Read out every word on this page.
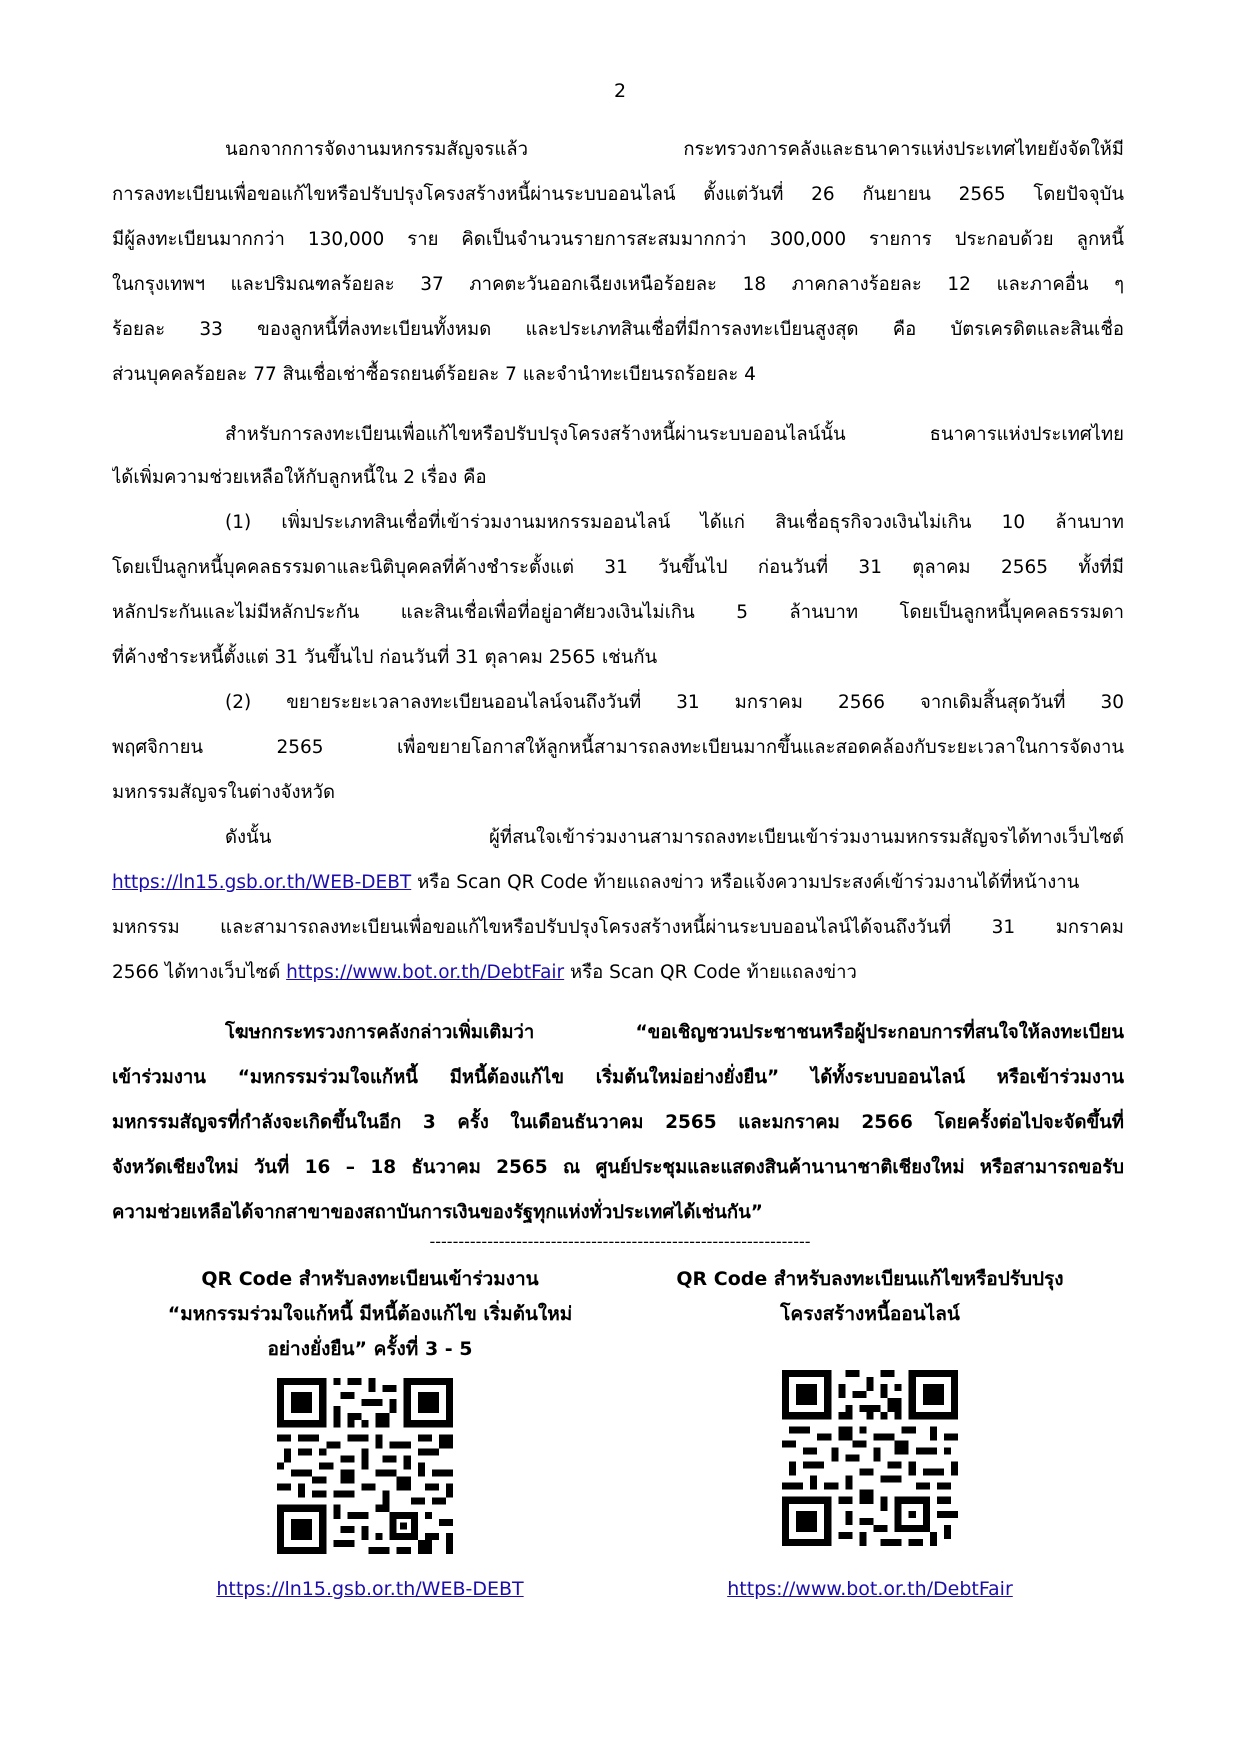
2
นอกจากการจัดงานมหกรรมสัญจรแล้ว กระทรวงการคลังและธนาคารแห่งประเทศไทยยังจัดให้มี
การลงทะเบียนเพื่อขอแก้ไขหรือปรับปรุงโครงสร้างหนี้ผ่านระบบออนไลน์ ตั้งแต่วันที่ 26 กันยายน 2565 โดยปัจจุบัน
มีผู้ลงทะเบียนมากกว่า 130,000 ราย คิดเป็นจำนวนรายการสะสมมากกว่า 300,000 รายการ ประกอบด้วย ลูกหนี้
ในกรุงเทพฯ และปริมณฑลร้อยละ 37 ภาคตะวันออกเฉียงเหนือร้อยละ 18 ภาคกลางร้อยละ 12 และภาคอื่น ๆ
ร้อยละ 33 ของลูกหนี้ที่ลงทะเบียนทั้งหมด และประเภทสินเชื่อที่มีการลงทะเบียนสูงสุด คือ บัตรเครดิตและสินเชื่อ
ส่วนบุคคลร้อยละ 77 สินเชื่อเช่าซื้อรถยนต์ร้อยละ 7 และจำนำทะเบียนรถร้อยละ 4
สำหรับการลงทะเบียนเพื่อแก้ไขหรือปรับปรุงโครงสร้างหนี้ผ่านระบบออนไลน์นั้น ธนาคารแห่งประเทศไทย
ได้เพิ่มความช่วยเหลือให้กับลูกหนี้ใน 2 เรื่อง คือ
(1) เพิ่มประเภทสินเชื่อที่เข้าร่วมงานมหกรรมออนไลน์ ได้แก่ สินเชื่อธุรกิจวงเงินไม่เกิน 10 ล้านบาท
โดยเป็นลูกหนี้บุคคลธรรมดาและนิติบุคคลที่ค้างชำระตั้งแต่ 31 วันขึ้นไป ก่อนวันที่ 31 ตุลาคม 2565 ทั้งที่มี
หลักประกันและไม่มีหลักประกัน และสินเชื่อเพื่อที่อยู่อาศัยวงเงินไม่เกิน 5 ล้านบาท โดยเป็นลูกหนี้บุคคลธรรมดา
ที่ค้างชำระหนี้ตั้งแต่ 31 วันขึ้นไป ก่อนวันที่ 31 ตุลาคม 2565 เช่นกัน
(2) ขยายระยะเวลาลงทะเบียนออนไลน์จนถึงวันที่ 31 มกราคม 2566 จากเดิมสิ้นสุดวันที่ 30
พฤศจิกายน 2565 เพื่อขยายโอกาสให้ลูกหนี้สามารถลงทะเบียนมากขึ้นและสอดคล้องกับระยะเวลาในการจัดงาน
มหกรรมสัญจรในต่างจังหวัด
ดังนั้น ผู้ที่สนใจเข้าร่วมงานสามารถลงทะเบียนเข้าร่วมงานมหกรรมสัญจรได้ทางเว็บไซต์
https://ln15.gsb.or.th/WEB-DEBT หรือ Scan QR Code ท้ายแถลงข่าว หรือแจ้งความประสงค์เข้าร่วมงานได้ที่หน้างาน
มหกรรม และสามารถลงทะเบียนเพื่อขอแก้ไขหรือปรับปรุงโครงสร้างหนี้ผ่านระบบออนไลน์ได้จนถึงวันที่ 31 มกราคม
2566 ได้ทางเว็บไซต์ https://www.bot.or.th/DebtFair หรือ Scan QR Code ท้ายแถลงข่าว
โฆษกกระทรวงการคลังกล่าวเพิ่มเติมว่า “ขอเชิญชวนประชาชนหรือผู้ประกอบการที่สนใจให้ลงทะเบียน
เข้าร่วมงาน “มหกรรมร่วมใจแก้หนี้ มีหนี้ต้องแก้ไข เริ่มต้นใหม่อย่างยั่งยืน” ได้ทั้งระบบออนไลน์ หรือเข้าร่วมงาน
มหกรรมสัญจรที่กำลังจะเกิดขึ้นในอีก 3 ครั้ง ในเดือนธันวาคม 2565 และมกราคม 2566 โดยครั้งต่อไปจะจัดขึ้นที่
จังหวัดเชียงใหม่ วันที่ 16 – 18 ธันวาคม 2565 ณ ศูนย์ประชุมและแสดงสินค้านานาชาติเชียงใหม่ หรือสามารถขอรับ
ความช่วยเหลือได้จากสาขาของสถาบันการเงินของรัฐทุกแห่งทั่วประเทศได้เช่นกัน”
------------------------------------------------------------------
QR Code สำหรับลงทะเบียนเข้าร่วมงาน
“มหกรรมร่วมใจแก้หนี้ มีหนี้ต้องแก้ไข เริ่มต้นใหม่
อย่างยั่งยืน” ครั้งที่ 3 - 5
https://ln15.gsb.or.th/WEB-DEBT
QR Code สำหรับลงทะเบียนแก้ไขหรือปรับปรุง
โครงสร้างหนี้ออนไลน์
https://www.bot.or.th/DebtFair
